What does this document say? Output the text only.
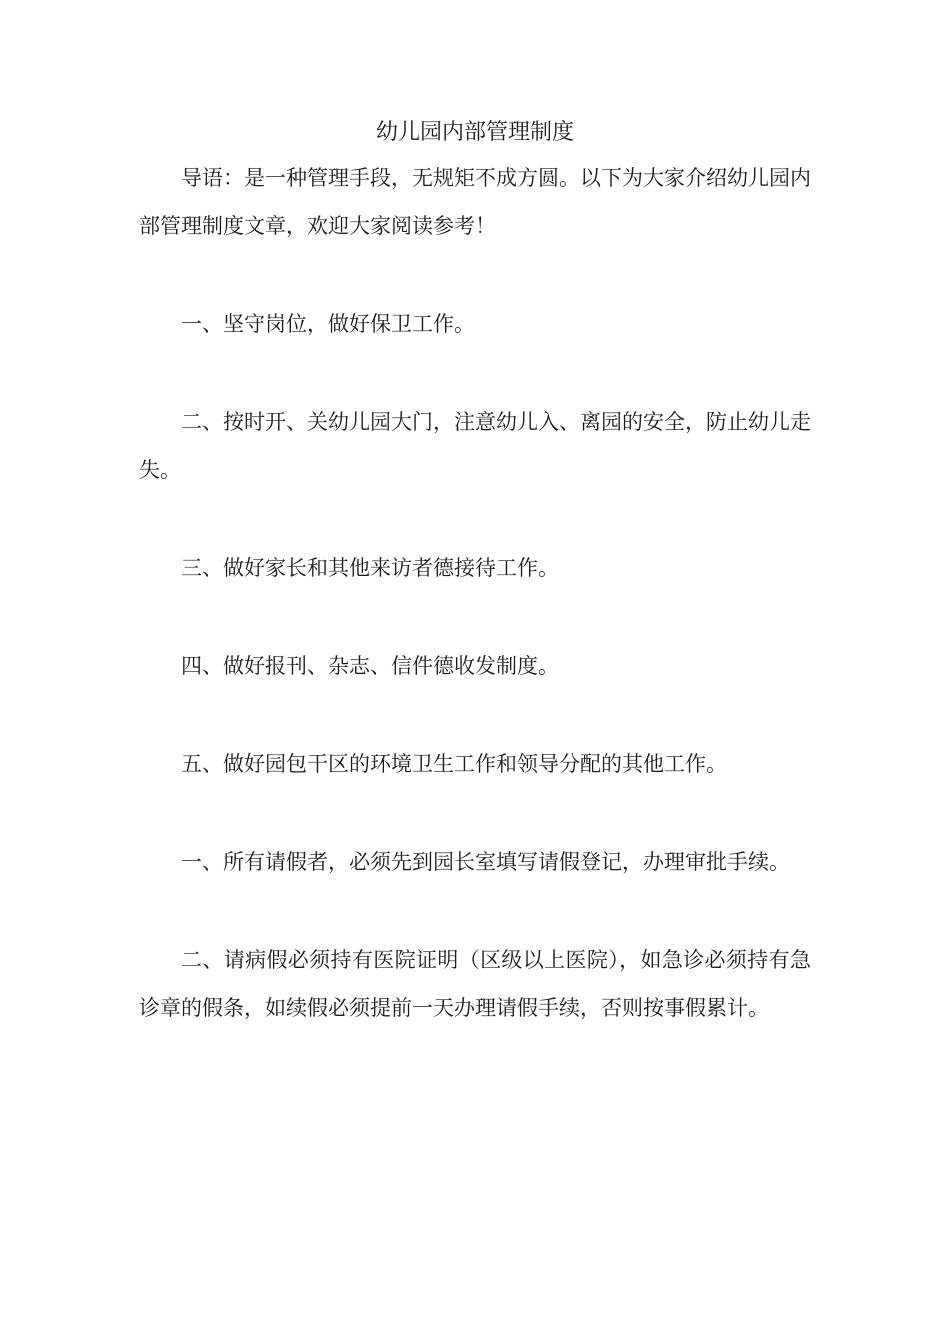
幼儿园内部管理制度

导语：是一种管理手段，无规矩不成方圆。以下为大家介绍幼儿园内部管理制度文章，欢迎大家阅读参考！

一、坚守岗位，做好保卫工作。

二、按时开、关幼儿园大门，注意幼儿入、离园的安全，防止幼儿走失。

三、做好家长和其他来访者德接待工作。

四、做好报刊、杂志、信件德收发制度。

五、做好园包干区的环境卫生工作和领导分配的其他工作。

一、所有请假者，必须先到园长室填写请假登记，办理审批手续。

二、请病假必须持有医院证明（区级以上医院），如急诊必须持有急诊章的假条，如续假必须提前一天办理请假手续，否则按事假累计。
